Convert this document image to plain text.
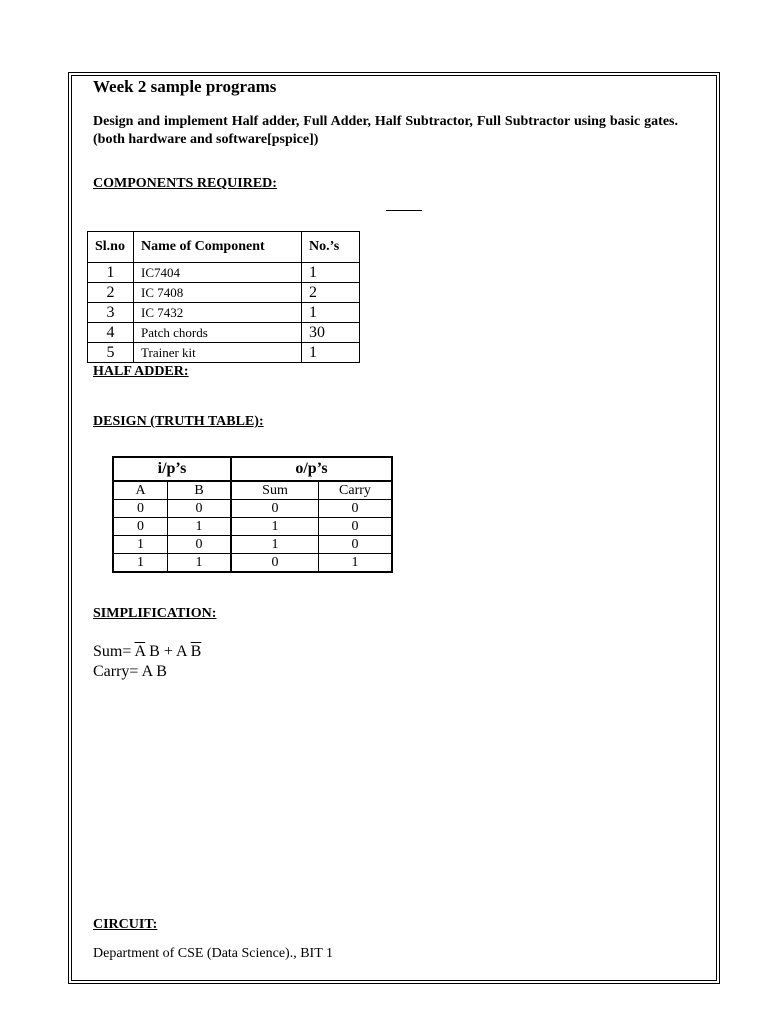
Week 2 sample programs

Design and implement Half adder, Full Adder, Half Subtractor, Full Subtractor using basic gates.(both hardware and software[pspice])

COMPONENTS REQUIRED:
Sl.no	Name of Component	No.’s
1	IC7404	1
2	IC 7408	2
3	IC 7432	1
4	Patch chords	30
5	Trainer kit	1
HALF ADDER:
DESIGN (TRUTH TABLE):
i/p’s		o/p’s	
A	B	Sum	Carry
0	0	0	0
0	1	1	0
1	0	1	0
1	1	0	1
SIMPLIFICATION:
$Sum= \overline{A}$ B + A $\overline{B}$
Carry= A B
CIRCUIT:
Department of CSE (Data Science)., BIT 1
